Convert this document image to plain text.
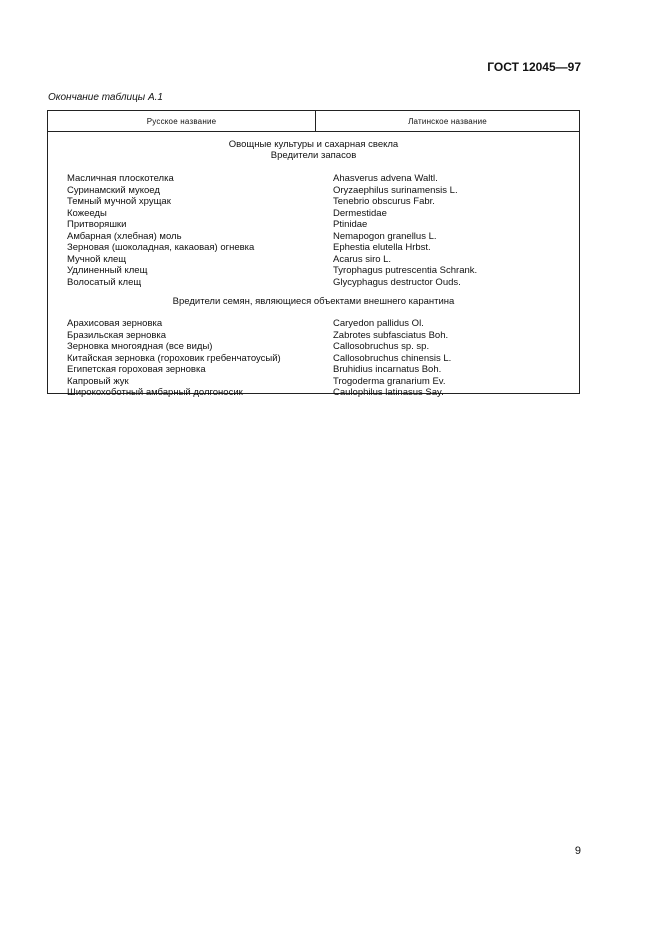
ГОСТ 12045—97
Окончание таблицы А.1
Русское название	Латинское название
Овощные культуры и сахарная свекла
Вредители запасов
Масличная плоскотелка	Ahasverus advena Waltl.
Суринамский мукоед	Oryzaephilus surinamensis L.
Темный мучной хрущак	Tenebrio obscurus Fabr.
Кожееды	Dermestidae
Притворяшки	Ptinidae
Амбарная (хлебная) моль	Nemapogon granellus L.
Зерновая (шоколадная, какаовая) огневка	Ephestia elutella Hrbst.
Мучной клещ	Acarus siro L.
Удлиненный клещ	Tyrophagus putrescentia Schrank.
Волосатый клещ	Glycyphagus destructor Ouds.
Вредители семян, являющиеся объектами внешнего карантина
Арахисовая зерновка	Caryedon pallidus Ol.
Бразильская зерновка	Zabrotes subfasciatus Boh.
Зерновка многоядная (все виды)	Callosobruchus sp. sp.
Китайская зерновка (гороховик гребенчатоусый)	Callosobruchus chinensis L.
Египетская гороховая зерновка	Bruhidius incarnatus Boh.
Капровый жук	Trogoderma granarium Ev.
Широкохоботный амбарный долгоносик	Caulophilus latinasus Say.
9
